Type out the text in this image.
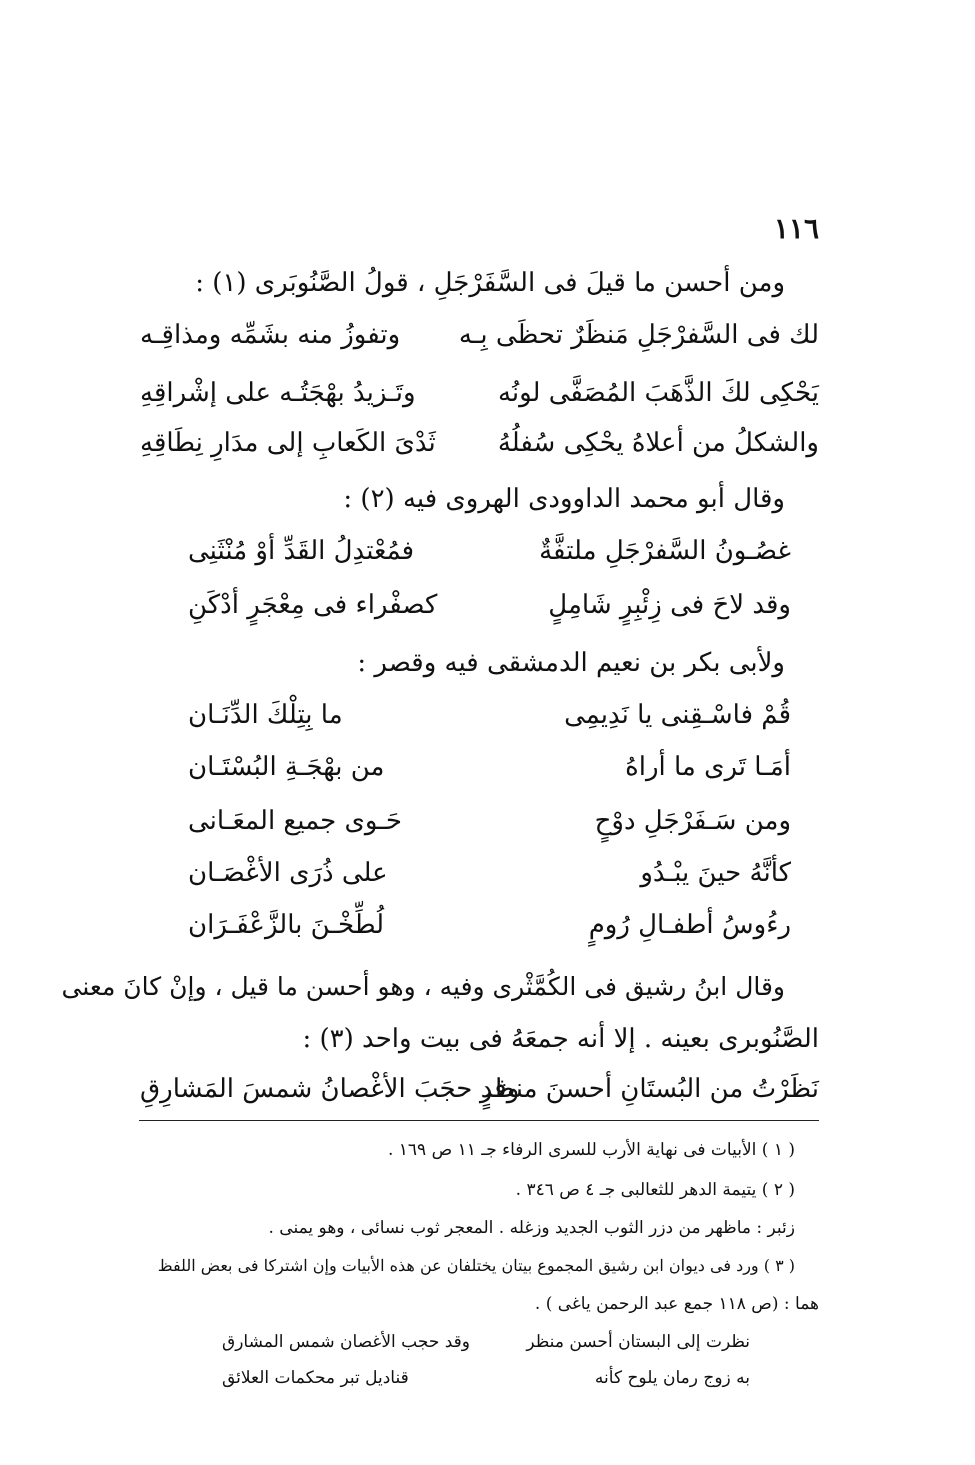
١١٦
ومن أحسن ما قيلَ فى السَّفَرْجَلِ ، قولُ الصَّنُوبَرى (١) :
لك فى السَّفرْجَلِ مَنظَرٌ تحظَى بِـه
وتفوزُ منه بشَمِّه ومذاقِـه
يَحْكِى لكَ الذَّهَبَ المُصَفَّى لونُه
وتَـزيدُ بهْجَتُـه على إشْراقِهِ
والشكلُ من أعلاهُ يحْكِى سُفلُهُ
ثَدْىَ الكَعابِ إلى مدَارِ نِطَاقِهِ
وقال أبو محمد الداوودى الهروى فيه (٢) :
غصُـونُ السَّفرْجَلِ ملتفَّةٌ
فمُعْتدِلُ القَدِّ أوْ مُنْثَنِى
وقد لاحَ فى زِئْبِرٍ شَامِلٍ
كصفْراء فى مِعْجَرٍ أدْكَنِ
ولأبى بكر بن نعيم الدمشقى فيه وقصر :
قُمْ فاسْـقِنى يا نَدِيمِى
ما بِتِلْكَ الدِّنَـان
أمَـا تَرى ما أراهُ
من بهْجَـةِ البُسْتَـان
ومن سَـفَرْجَلِ دوْحٍ
حَـوى جميع المعَـانى
كأنَّهُ حينَ يبْـدُو
على ذُرَى الأغْصَـان
رءُوسُ أطفـالِ رُومٍ
لُطِّخْـنَ بالزَّعْفَـرَان
وقال ابنُ رشيق فى الكُمَّثْرى وفيه ، وهو أحسن ما قيل ، وإنْ كانَ معنى
الصَّنُوبرى بعينه . إلا أنه جمعَهُ فى بيت واحد (٣) :
نَظَرْتُ من البُستَانِ أحسنَ منظرٍ
وقد حجَبَ الأغْصانُ شمسَ المَشارِقِ
( ١ ) الأبيات فى نهاية الأرب للسرى الرفاء جـ ١١ ص ١٦٩ .
( ٢ ) يتيمة الدهر للثعالبى جـ ٤ ص ٣٤٦ .
زئبر : ماظهر من دزر الثوب الجديد وزغله . المعجر ثوب نسائى ، وهو يمنى .
( ٣ ) ورد فى ديوان ابن رشيق المجموع بيتان يختلفان عن هذه الأبيات وإن اشتركا فى بعض اللفظ
هما : (ص ١١٨ جمع عبد الرحمن ياغى ) .
نظرت إلى البستان أحسن منظر
وقد حجب الأغصان شمس المشارق
به زوج رمان يلوح كأنه
قناديل تبر محكمات العلائق
